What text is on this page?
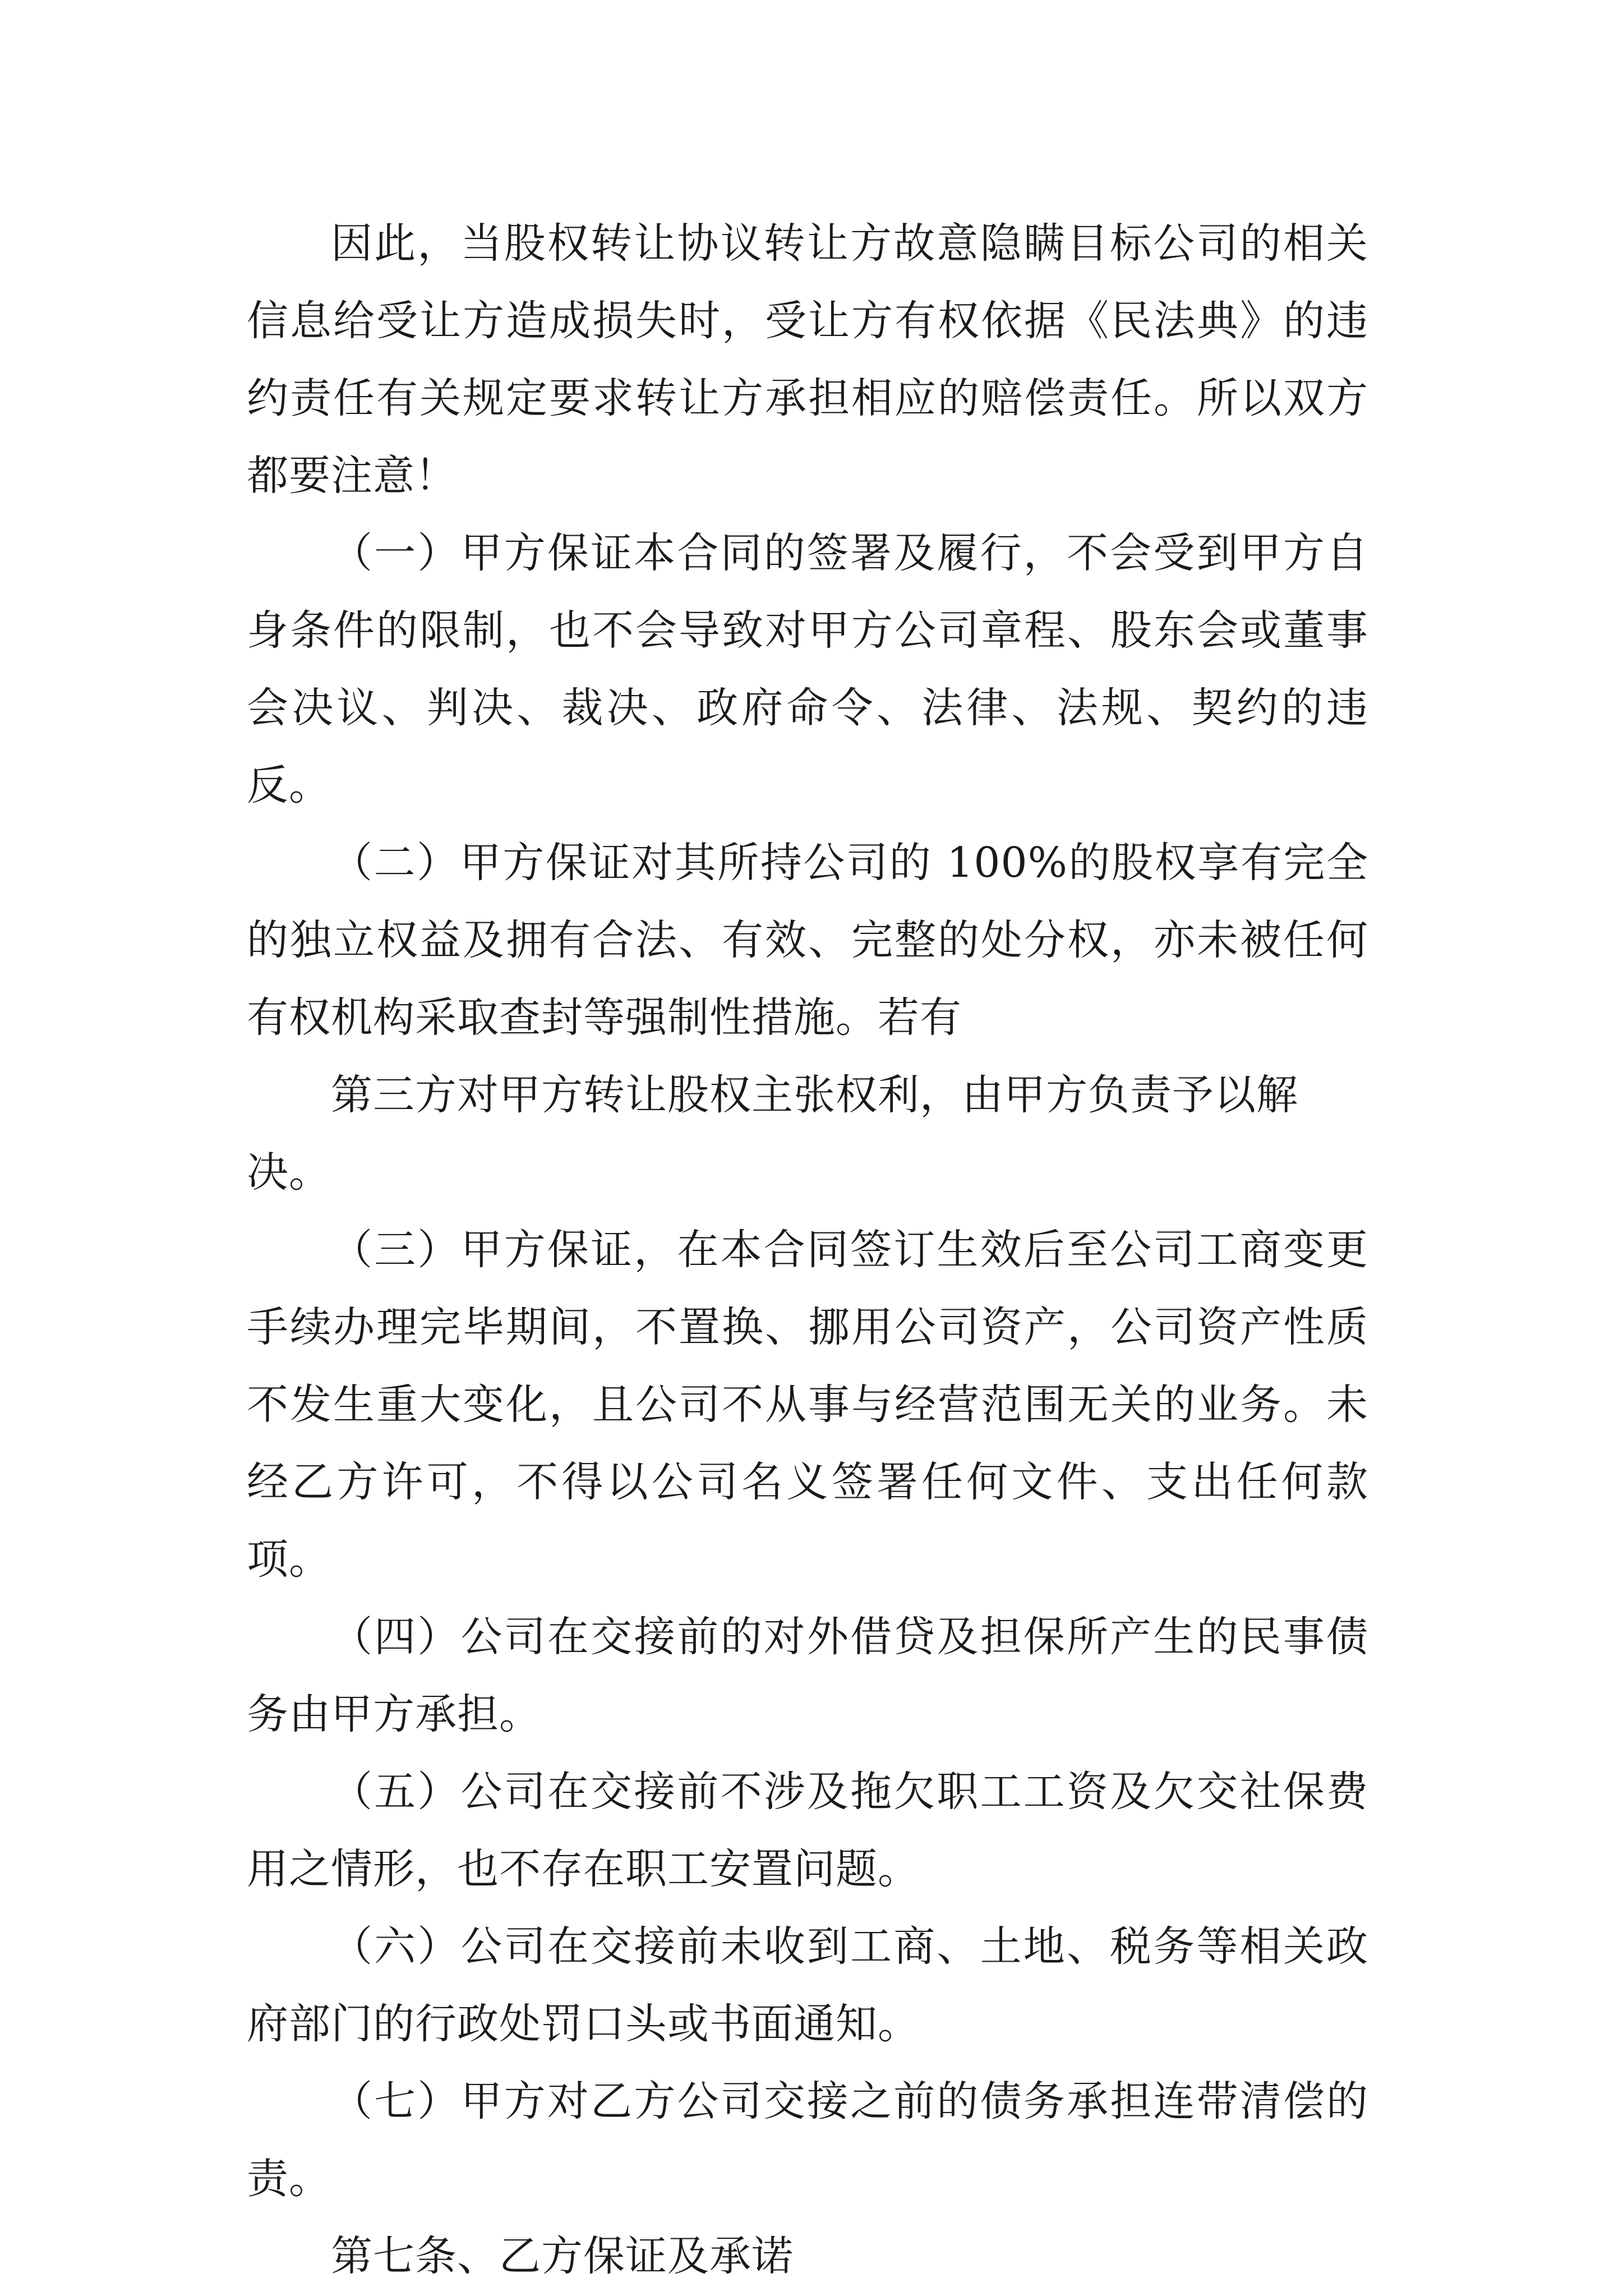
因此，当股权转让协议转让方故意隐瞒目标公司的相关信息给受让方造成损失时，受让方有权依据《民法典》的违约责任有关规定要求转让方承担相应的赔偿责任。所以双方都要注意！

（一）甲方保证本合同的签署及履行，不会受到甲方自身条件的限制，也不会导致对甲方公司章程、股东会或董事会决议、判决、裁决、政府命令、法律、法规、契约的违反。

（二）甲方保证对其所持公司的 100%的股权享有完全的独立权益及拥有合法、有效、完整的处分权，亦未被任何有权机构采取查封等强制性措施。若有

第三方对甲方转让股权主张权利，由甲方负责予以解决。

（三）甲方保证，在本合同签订生效后至公司工商变更手续办理完毕期间，不置换、挪用公司资产，公司资产性质不发生重大变化，且公司不从事与经营范围无关的业务。未经乙方许可，不得以公司名义签署任何文件、支出任何款项。

（四）公司在交接前的对外借贷及担保所产生的民事债务由甲方承担。

（五）公司在交接前不涉及拖欠职工工资及欠交社保费用之情形，也不存在职工安置问题。

（六）公司在交接前未收到工商、土地、税务等相关政府部门的行政处罚口头或书面通知。

（七）甲方对乙方公司交接之前的债务承担连带清偿的责。

第七条、乙方保证及承诺
